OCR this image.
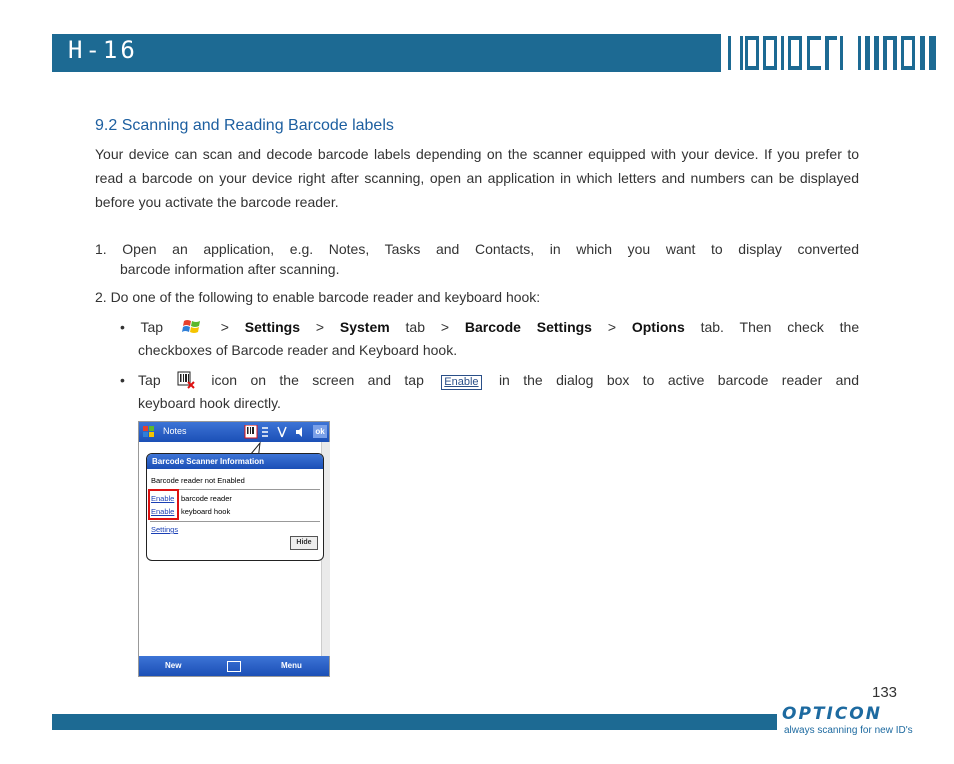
H-16
9.2 Scanning and Reading Barcode labels
Your device can scan and decode barcode labels depending on the scanner equipped with your device. If you prefer to read a barcode on your device right after scanning, open an application in which letters and numbers can be displayed before you activate the barcode reader.
1. Open an application, e.g. Notes, Tasks and Contacts, in which you want to display converted
barcode information after scanning.
2. Do one of the following to enable barcode reader and keyboard hook:
• Tap	> Settings > System tab > Barcode Settings > Options tab. Then check the
checkboxes of Barcode reader and Keyboard hook.
• Tap	icon on the screen and tap Enable in the dialog box to active barcode reader and
keyboard hook directly.
Notes	ok
New	Menu
Barcode Scanner Information
Barcode reader not Enabled
Enable barcode reader
Enable keyboard hook
Settings
Hide
133
OPTICON
always scanning for new ID's
